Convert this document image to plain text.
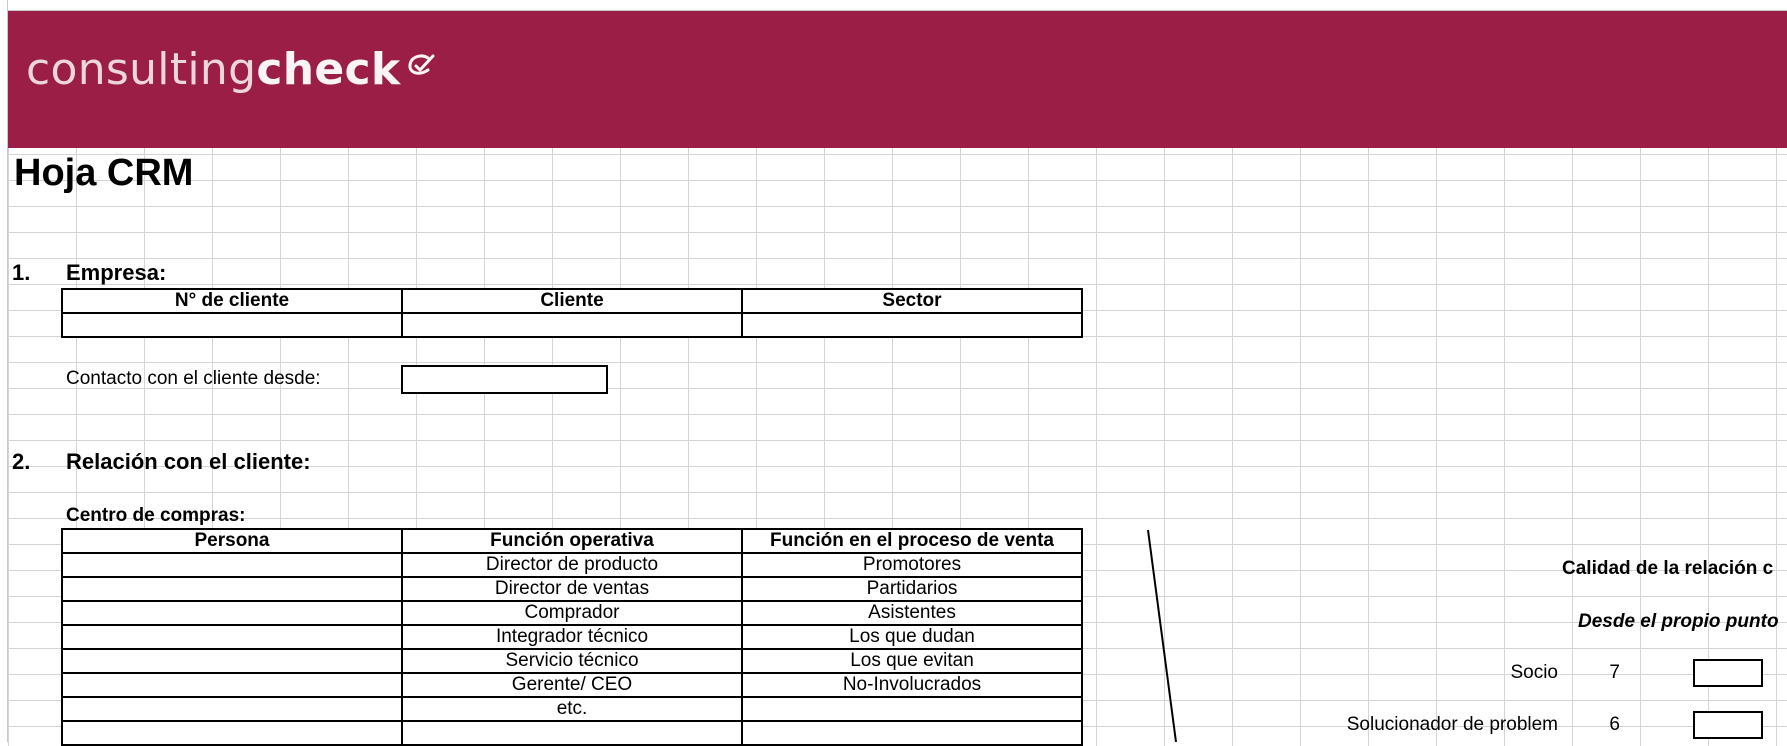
consultingcheck
Hoja CRM
1. Empresa:
N° de cliente	Cliente	Sector

Contacto con el cliente desde:
2. Relación con el cliente:
Centro de compras:
Persona	Función operativa	Función en el proceso de venta
	Director de producto	Promotores
	Director de ventas	Partidarios
	Comprador	Asistentes
	Integrador técnico	Los que dudan
	Servicio técnico	Los que evitan
	Gerente/ CEO	No-Involucrados
	etc.	

Calidad de la relación c
Desde el propio punto
Socio	7
Solucionador de problem	6
